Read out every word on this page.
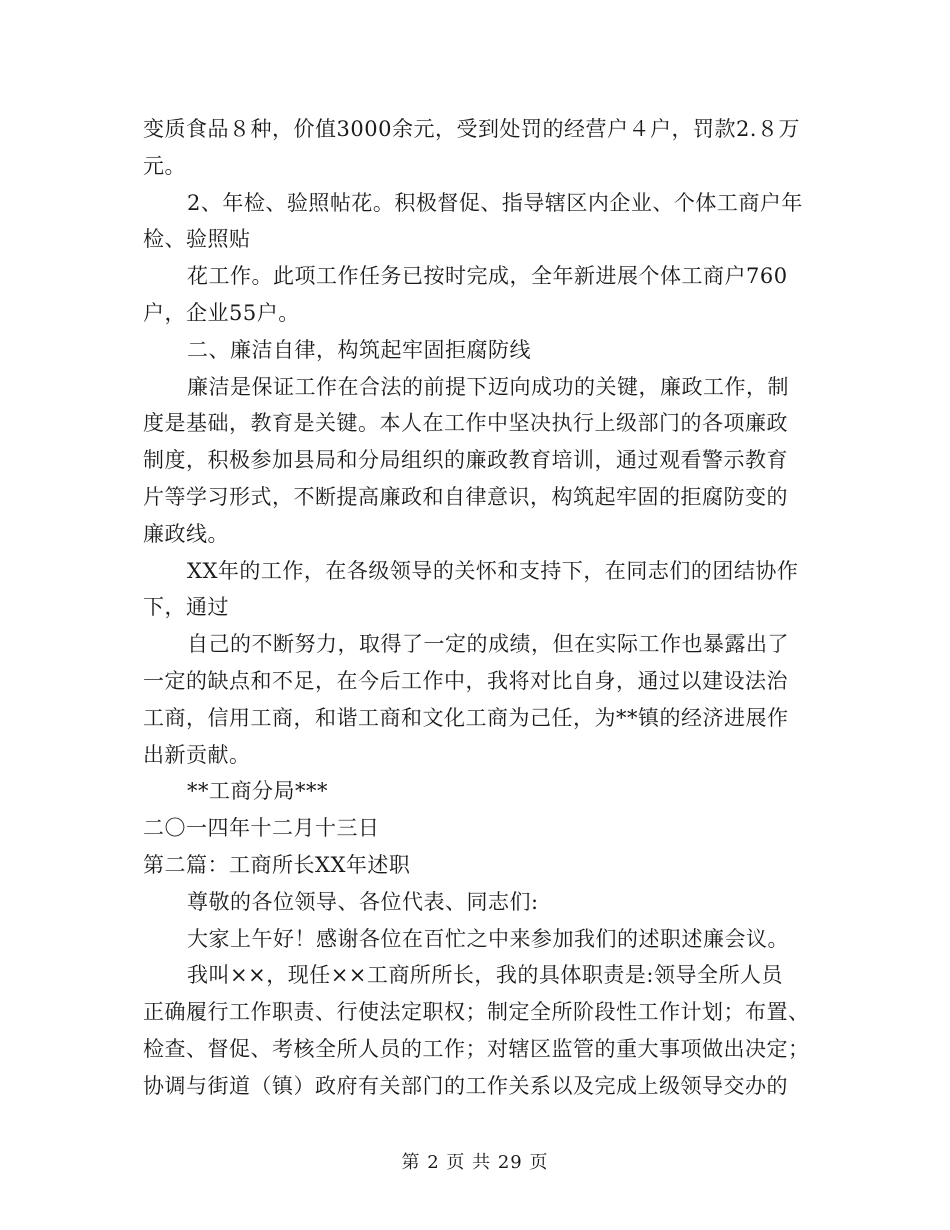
变质食品８种，价值3000余元，受到处罚的经营户４户，罚款2.８万
元。
2、年检、验照帖花。积极督促、指导辖区内企业、个体工商户年
检、验照贴
花工作。此项工作任务已按时完成，全年新进展个体工商户760
户，企业55户。
二、廉洁自律，构筑起牢固拒腐防线
廉洁是保证工作在合法的前提下迈向成功的关键，廉政工作，制
度是基础，教育是关键。本人在工作中坚决执行上级部门的各项廉政
制度，积极参加县局和分局组织的廉政教育培训，通过观看警示教育
片等学习形式，不断提高廉政和自律意识，构筑起牢固的拒腐防变的
廉政线。
XX年的工作，在各级领导的关怀和支持下，在同志们的团结协作
下，通过
自己的不断努力，取得了一定的成绩，但在实际工作也暴露出了
一定的缺点和不足，在今后工作中，我将对比自身，通过以建设法治
工商，信用工商，和谐工商和文化工商为己任，为**镇的经济进展作
出新贡献。
**工商分局***
二〇一四年十二月十三日
第二篇：工商所长XX年述职
尊敬的各位领导、各位代表、同志们:
大家上午好！感谢各位在百忙之中来参加我们的述职述廉会议。
我叫××，现任××工商所所长，我的具体职责是:领导全所人员
正确履行工作职责、行使法定职权；制定全所阶段性工作计划；布置、
检查、督促、考核全所人员的工作；对辖区监管的重大事项做出决定；
协调与街道（镇）政府有关部门的工作关系以及完成上级领导交办的
第 2 页 共 29 页
